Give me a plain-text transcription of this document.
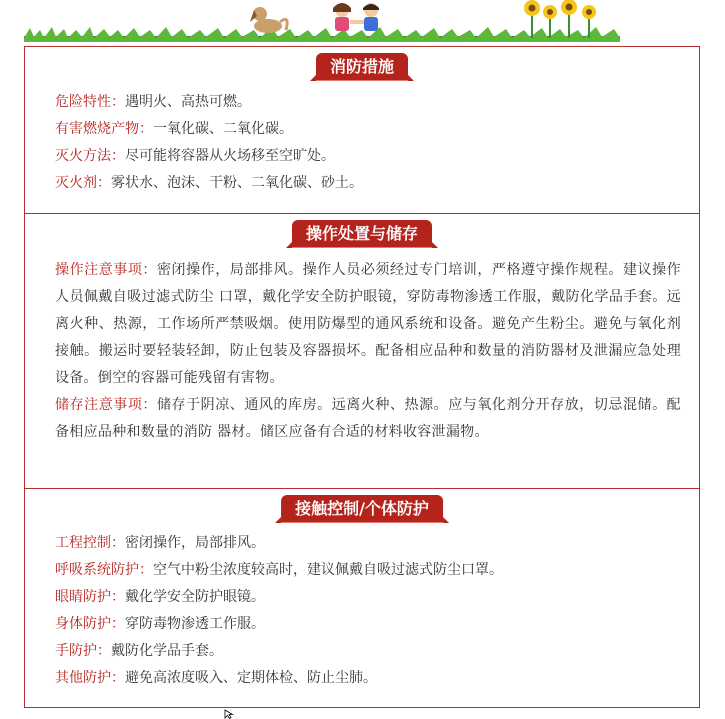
消防措施
危险特性：遇明火、高热可燃。
有害燃烧产物：一氧化碳、二氧化碳。
灭火方法：尽可能将容器从火场移至空旷处。
灭火剂：雾状水、泡沫、干粉、二氧化碳、砂土。
操作处置与储存
操作注意事项：密闭操作，局部排风。操作人员必须经过专门培训，严格遵守操作规程。建议操作人员佩戴自吸过滤式防尘 口罩，戴化学安全防护眼镜，穿防毒物渗透工作服，戴防化学品手套。远离火种、热源，工作场所严禁吸烟。使用防爆型的通风系统和设备。避免产生粉尘。避免与氧化剂接触。搬运时要轻装轻卸，防止包装及容器损坏。配备相应品种和数量的消防器材及泄漏应急处理设备。倒空的容器可能残留有害物。
储存注意事项：储存于阴凉、通风的库房。远离火种、热源。应与氧化剂分开存放，切忌混储。配备相应品种和数量的消防 器材。储区应备有合适的材料收容泄漏物。
接触控制/个体防护
工程控制：密闭操作，局部排风。
呼吸系统防护：空气中粉尘浓度较高时，建议佩戴自吸过滤式防尘口罩。
眼睛防护：戴化学安全防护眼镜。
身体防护：穿防毒物渗透工作服。
手防护：戴防化学品手套。
其他防护：避免高浓度吸入、定期体检、防止尘肺。
